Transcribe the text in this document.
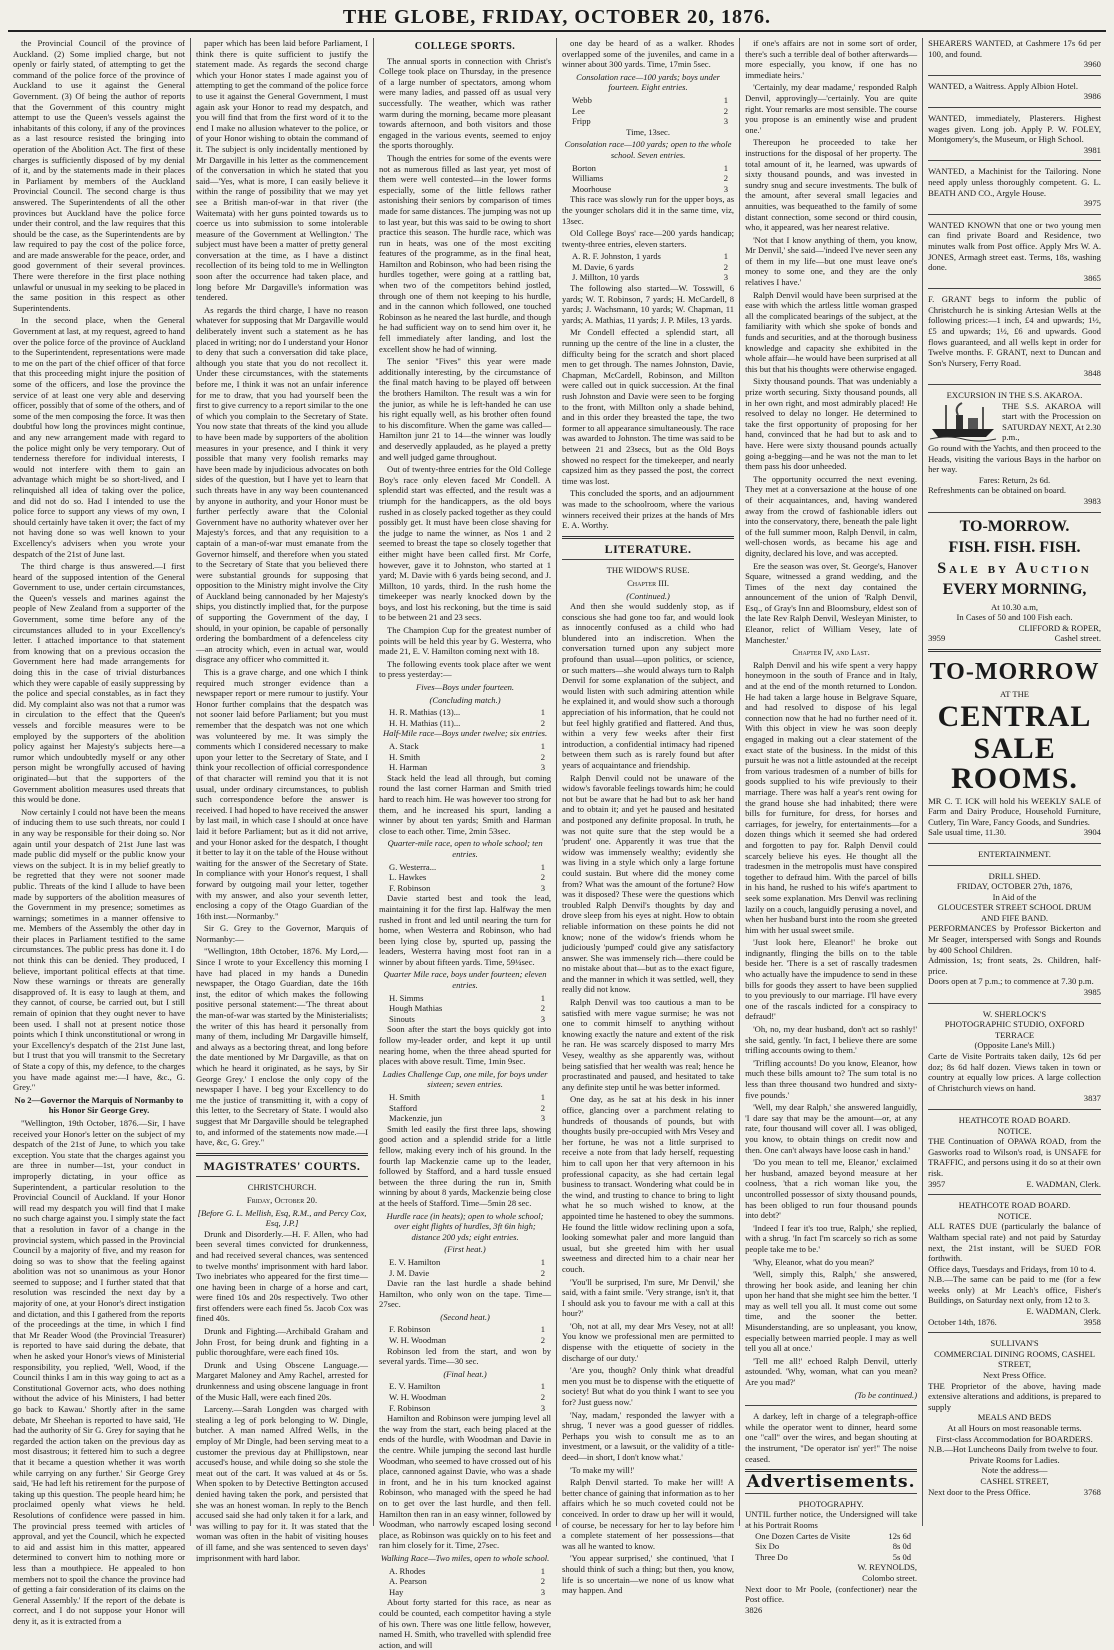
THE GLOBE, FRIDAY, OCTOBER 20, 1876.

the Provincial Council of the province of Auckland. (2) Some implied charge, but not openly or fairly stated, of attempting to get the command of the police force of the province of Auckland to use it against the General Government. (3) Of being the author of reports that the Government of this country might attempt to use the Queen's vessels against the inhabitants of this colony, if any of the provinces as a last resource resisted the bringing into operation of the Abolition Act. The first of these charges is sufficiently disposed of by my denial of it, and by the statements made in their places in Parliament by members of the Auckland Provincial Council. The second charge is thus answered. The Superintendents of all the other provinces but Auckland have the police force under their control, and the law requires that this should be the case, as the Superintendents are by law required to pay the cost of the police force, and are made answerable for the peace, order, and good government of their several provinces. There were therefore in the first place nothing unlawful or unusual in my seeking to be placed in the same position in this respect as other Superintendents.

In the second place, when the General Government at last, at my request, agreed to hand over the police force of the province of Auckland to the Superintendent, representations were made to me on the part of the chief officer of that force that this proceeding might injure the position of some of the officers, and lose the province the service of at least one very able and deserving officer, possibly that of some of the others, and of some of the men composing the force. It was then doubtful how long the provinces might continue, and any new arrangement made with regard to the police might only be very temporary. Out of tenderness therefore for individual interests, I would not interfere with them to gain an advantage which might be so short-lived, and I relinquished all idea of taking over the police, and did not do so. Had I intended to use the police force to support any views of my own, I should certainly have taken it over; the fact of my not having done so was well known to your Excellency's advisers when you wrote your despatch of the 21st of June last.

The third charge is thus answered.—I first heard of the supposed intention of the General Government to use, under certain circumstances, the Queen's vessels and marines against the people of New Zealand from a supporter of the Government, some time before any of the circumstances alluded to in your Excellency's letter. I attached importance to that statement from knowing that on a previous occasion the Government here had made arrangements for doing this in the case of trivial disturbances which they were capable of easily suppressing by the police and special constables, as in fact they did. My complaint also was not that a rumor was in circulation to the effect that the Queen's vessels and forcible measures were to be employed by the supporters of the abolition policy against her Majesty's subjects here—a rumor which undoubtedly myself or any other person might be wrongfully accused of having originated—but that the supporters of the Government abolition measures used threats that this would be done.

Now certainly I could not have been the means of inducing them to use such threats, nor could I in any way be responsible for their doing so. Nor again until your despatch of 21st June last was made public did myself or the public know your views on the subject. It is in my belief greatly to be regretted that they were not sooner made public. Threats of the kind I allude to have been made by supporters of the abolition measures of the Government in my presence; sometimes as warnings; sometimes in a manner offensive to me. Members of the Assembly the other day in their places in Parliament testified to the same circumstances. The public press has done it. I do not think this can be denied. They produced, I believe, important political effects at that time. Now these warnings or threats are generally disapproved of. It is easy to laugh at them, and they cannot, of course, be carried out, but I still remain of opinion that they ought never to have been used. I shall not at present notice those points which I think unconstitutional or wrong in your Excellency's despatch of the 21st June last, but I trust that you will transmit to the Secretary of State a copy of this, my defence, to the charges you have made against me:—I have, &c., G. Grey."

No 2—Governor the Marquis of Normanby to his Honor Sir George Grey.

"Wellington, 19th October, 1876.—Sir, I have received your Honor's letter on the subject of my despatch of the 21st of June, to which you take exception. You state that the charges against you are three in number—1st, your conduct in improperly dictating, in your office as Superintendent, a particular resolution to the Provincial Council of Auckland. If your Honor will read my despatch you will find that I make no such charge against you. I simply state the fact that a resolution in favor of a change in the provincial system, which passed in the Provincial Council by a majority of five, and my reason for doing so was to show that the feeling against abolition was not so unanimous as your Honor seemed to suppose; and I further stated that that resolution was rescinded the next day by a majority of one, at your Honor's direct instigation and dictation, and this I gathered from the reports of the proceedings at the time, in which I find that Mr Reader Wood (the Provincial Treasurer) is reported to have said during the debate, that when he asked your Honor's views of Ministerial responsibility, you replied, 'Well, Wood, if the Council thinks I am in this way going to act as a Constitutional Governor acts, who does nothing without the advice of his Ministers, I had better go back to Kawau.' Shortly after in the same debate, Mr Sheehan is reported to have said, 'He had the authority of Sir G. Grey for saying that he regarded the action taken on the previous day as most disastrous; it fettered him to such a degree that it became a question whether it was worth while carrying on any further.' Sir George Grey said, 'He had left his retirement for the purpose of taking up this question. The people heard him; he proclaimed openly what views he held. Resolutions of confidence were passed in him. The provincial press teemed with articles of approval, and yet the Council, which he expected to aid and assist him in this matter, appeared determined to convert him to nothing more or less than a mouthpiece. He appealed to hon members not to spoil the chance the province had of getting a fair consideration of its claims on the General Assembly.' If the report of the debate is correct, and I do not suppose your Honor will deny it, as it is extracted from a

paper which has been laid before Parliament, I think there is quite sufficient to justify the statement made. As regards the second charge which your Honor states I made against you of attempting to get the command of the police force to use it against the General Government, I must again ask your Honor to read my despatch, and you will find that from the first word of it to the end I make no allusion whatever to the police, or of your Honor wishing to obtain the command of it. The subject is only incidentally mentioned by Mr Dargaville in his letter as the commencement of the conversation in which he stated that you said—'Yes, what is more, I can easily believe it within the range of possibility that we may yet see a British man-of-war in that river (the Waitemata) with her guns pointed towards us to coerce us into submission to some intolerable measure of the Government at Wellington.' The subject must have been a matter of pretty general conversation at the time, as I have a distinct recollection of its being told to me in Wellington soon after the occurrence had taken place, and long before Mr Dargaville's information was tendered.

As regards the third charge, I have no reason whatever for supposing that Mr Dargaville would deliberately invent such a statement as he has placed in writing; nor do I understand your Honor to deny that such a conversation did take place, although you state that you do not recollect it. Under these circumstances, with the statements before me, I think it was not an unfair inference for me to draw, that you had yourself been the first to give currency to a report similar to the one of which you complain to the Secretary of State. You now state that threats of the kind you allude to have been made by supporters of the abolition measures in your presence, and I think it very possible that many very foolish remarks may have been made by injudicious advocates on both sides of the question, but I have yet to learn that such threats have in any way been countenanced by anyone in authority, and your Honor must be further perfectly aware that the Colonial Government have no authority whatever over her Majesty's forces, and that any requisition to a captain of a man-of-war must emanate from the Governor himself, and therefore when you stated to the Secretary of State that you believed there were substantial grounds for supposing that opposition to the Ministry might involve the City of Auckland being cannonaded by her Majesty's ships, you distinctly implied that, for the purpose of supporting the Government of the day, I should, in your opinion, be capable of personally ordering the bombardment of a defenceless city—an atrocity which, even in actual war, would disgrace any officer who committed it.

This is a grave charge, and one which I think required much stronger evidence than a newspaper report or mere rumour to justify. Your Honor further complains that the despatch was not sooner laid before Parliament; but you must remember that the despatch was not one which was volunteered by me. It was simply the comments which I considered necessary to make upon your letter to the Secretary of State, and I think your recollection of official correspondence of that character will remind you that it is not usual, under ordinary circumstances, to publish such correspondence before the answer is received. I had hoped to have received the answer by last mail, in which case I should at once have laid it before Parliament; but as it did not arrive, and your Honor asked for the despatch, I thought it better to lay it on the table of the House without waiting for the answer of the Secretary of State. In compliance with your Honor's request, I shall forward by outgoing mail your letter, together with my answer, and also your seventh letter, enclosing a copy of the Otago Guardian of the 16th inst.—Normanby."

Sir G. Grey to the Governor, Marquis of Normanby:—

"Wellington, 18th October, 1876. My Lord,—Since I wrote to your Excellency this morning I have had placed in my hands a Dunedin newspaper, the Otago Guardian, date the 16th inst, the editor of which makes the following positive personal statement:—'The threat about the man-of-war was started by the Ministerialists; the writer of this has heard it personally from many of them, including Mr Dargaville himself, and always as a bectoring threat, and long before the date mentioned by Mr Dargaville, as that on which he heard it originated, as he says, by Sir George Grey.' I enclose the only copy of the newspaper I have. I beg your Excellency to do me the justice of transmitting it, with a copy of this letter, to the Secretary of State. I would also suggest that Mr Dargaville should be telegraphed to, and informed of the statements now made.—I have, &c, G. Grey."

MAGISTRATES' COURTS.
CHRISTCHURCH.
Friday, October 20.
[Before G. L. Mellish, Esq, R.M., and Percy Cox, Esq, J.P.]

Drunk and Disorderly.—H. F. Allen, who had been several times convicted for drunkenness, and had received several chances, was sentenced to twelve months' imprisonment with hard labor. Two inebriates who appeared for the first time—one having been in charge of a horse and cart, were fined 10s and 20s respectively. Two other first offenders were each fined 5s. Jacob Cox was fined 40s.

Drunk and Fighting.—Archibald Graham and John Frost, for being drunk and fighting in a public thoroughfare, were each fined 10s.

Drunk and Using Obscene Language.—Margaret Maloney and Amy Rachel, arrested for drunkenness and using obscene language in front of the Music Hall, were each fined 20s.

Larceny.—Sarah Longden was charged with stealing a leg of pork belonging to W. Dingle, butcher. A man named Alfred Wells, in the employ of Mr Dingle, had been serving meat to a customer the previous day at Phillipstown, near accused's house, and while doing so she stole the meat out of the cart. It was valued at 4s or 5s. When spoken to by Detective Bettington accused denied having taken the pork, and persisted that she was an honest woman. In reply to the Bench accused said she had only taken it for a lark, and was willing to pay for it. It was stated that the woman was often in the habit of visiting houses of ill fame, and she was sentenced to seven days' imprisonment with hard labor.

COLLEGE SPORTS.

The annual sports in connection with Christ's College took place on Thursday, in the presence of a large number of spectators, among whom were many ladies, and passed off as usual very successfully. The weather, which was rather warm during the morning, became more pleasant towards afternoon, and both visitors and those engaged in the various events, seemed to enjoy the sports thoroughly.

Though the entries for some of the events were not as numerous filled as last year, yet most of them were well contested—in the lower forms especially, some of the little fellows rather astonishing their seniors by comparison of times made for same distances. The jumping was not up to last year, but this was said to be owing to short practice this season. The hurdle race, which was run in heats, was one of the most exciting features of the programme, as in the final heat, Hamilton and Robinson, who had been rising the hurdles together, were going at a rattling bat, when two of the competitors behind jostled, through one of them not keeping to his hurdle, and in the cannon which followed, one touched Robinson as he neared the last hurdle, and though he had sufficient way on to send him over it, he fell immediately after landing, and lost the excellent show he had of winning.

The senior "Fives" this year were made additionally interesting, by the circumstance of the final match having to be played off between the brothers Hamilton. The result was a win for the junior, as while he is left-handed he can use his right equally well, as his brother often found to his discomfiture. When the game was called—Hamilton junr 21 to 14—the winner was loudly and deservedly applauded, as he played a pretty and well judged game throughout.

Out of twenty-three entries for the Old College Boy's race only eleven faced Mr Condell. A splendid start was effected, and the result was a triumph for the handicappers, as the old boys rushed in as closely packed together as they could possibly get. It must have been close shaving for the judge to name the winner, as Nos 1 and 2 seemed to breast the tape so closely together that either might have been called first. Mr Corfe, however, gave it to Johnston, who started at 1 yard; M. Davie with 6 yards being second, and J. Millton, 10 yards, third. In the rush home the timekeeper was nearly knocked down by the boys, and lost his reckoning, but the time is said to be between 21 and 23 secs.

The Champion Cup for the greatest number of points will be held this year by G. Westerra, who made 21, E. V. Hamilton coming next with 18.

The following events took place after we went to press yesterday:—

Fives—Boys under fourteen.

(Concluding match.)

H. R. Mathias (13)...	1
H. H. Mathias (11)...	2

Half-Mile race—Boys under twelve; six entries.

A. Stack	1
H. Smith	2
H. Harman	3

Stack held the lead all through, but coming round the last corner Harman and Smith tried hard to reach him. He was however too strong for them, and he increased his spurt, landing a winner by about ten yards; Smith and Harman close to each other. Time, 2min 53sec.

Quarter-mile race, open to whole school; ten entries.

G. Westerra...	1
L. Hawkes	2
F. Robinson	3

Davie started best and took the lead, maintaining it for the first lap. Halfway the men rushed in front and led until nearing the turn for home, when Westerra and Robinson, who had been lying close by, spurted up, passing the leaders, Westerra having most foot ran in a winner by about fifteen yards. Time, 59¼sec.

Quarter Mile race, boys under fourteen; eleven entries.

H. Simms	1
Hough Mathias	2
Sinouts	3

Soon after the start the boys quickly got into follow my-leader order, and kept it up until nearing home, when the three ahead spurted for places with above result. Time, 1min 9sec.

Ladies Challenge Cup, one mile, for boys under sixteen; seven entries.

H. Smith	1
Stafford	2
Mackenzie, jun	3

Smith led easily the first three laps, showing good action and a splendid stride for a little fellow, making every inch of his ground. In the fourth lap Mackenzie came up to the leader, followed by Stafford, and a hard tussle ensued between the three during the run in, Smith winning by about 8 yards, Mackenzie being close at the heels of Stafford. Time—5min 28 sec.

Hurdle race (in heats); open to whole school; over eight flights of hurdles, 3ft 6in high; distance 200 yds; eight entries.

(First heat.)

E. V. Hamilton	1
J. M. Davie	2

Davie ran the last hurdle a shade behind Hamilton, who only won on the tape. Time—27sec.

(Second heat.)

F. Robinson	1
W. H. Woodman	2

Robinson led from the start, and won by several yards. Time—30 sec.

(Final heat.)

E. V. Hamilton	1
W. H. Woodman	2
F. Robinson	3

Hamilton and Robinson were jumping level all the way from the start, each being placed at the ends of the hurdle, with Woodman and Davie in the centre. While jumping the second last hurdle Woodman, who seemed to have crossed out of his place, cannoned against Davie, who was a shade in front, and he in his turn knocked against Robinson, who managed with the speed he had on to get over the last hurdle, and then fell. Hamilton then ran in an easy winner, followed by Woodman, who narrowly escaped losing second place, as Robinson was quickly on to his feet and ran him closely for it. Time, 27sec.

Walking Race—Two miles, open to whole school.

A. Rhodes	1
A. Pearson	2
Hay	3

About forty started for this race, as near as could be counted, each competitor having a style of his own. There was one little fellow, however, named H. Smith, who travelled with splendid free action, and will

one day be heard of as a walker. Rhodes overlapped some of the juveniles, and came in a winner about 300 yards. Time, 17min 5sec.

Consolation race—100 yards; boys under fourteen. Eight entries.

Webb	1
Lee	2
Fripp	3

Time, 13sec.

Consolation race—100 yards; open to the whole school. Seven entries.

Borton	1
Williams	2
Moorhouse	3

This race was slowly run for the upper boys, as the younger scholars did it in the same time, viz, 13sec.

Old College Boys' race—200 yards handicap; twenty-three entries, eleven starters.

A. R. F. Johnston, 1 yards	1
M. Davie, 6 yards	2
J. Millton, 10 yards	3

The following also started—W. Tosswill, 6 yards; W. T. Robinson, 7 yards; H. McCardell, 8 yards; J. Wachsmann, 10 yards; W. Chapman, 11 yards; A. Mathias, 11 yards; J. P. Miles, 13 yards.

Mr Condell effected a splendid start, all running up the centre of the line in a cluster, the difficulty being for the scratch and short placed men to get through. The names Johnston, Davie, Chapman, McCardell, Robinson, and Millton were called out in quick succession. At the final rush Johnston and Davie were seen to be forging to the front, with Millton only a shade behind, and in this order they breasted the tape, the two former to all appearance simultaneously. The race was awarded to Johnston. The time was said to be between 21 and 23secs, but as the Old Boys showed no respect for the timekeeper, and nearly capsized him as they passed the post, the correct time was lost.

This concluded the sports, and an adjournment was made to the schoolroom, where the various winners received their prizes at the hands of Mrs E. A. Worthy.

LITERATURE.
THE WIDOW'S RUSE.
Chapter III.
(Continued.)

And then she would suddenly stop, as if conscious she had gone too far, and would look as innocently confused as a child who had blundered into an indiscretion. When the conversation turned upon any subject more profound than usual—upon politics, or science, or such matters—she would always turn to Ralph Denvil for some explanation of the subject, and would listen with such admiring attention while he explained it, and would show such a thorough appreciation of his information, that he could not but feel highly gratified and flattered. And thus, within a very few weeks after their first introduction, a confidential intimacy had ripened between them such as is rarely found but after years of acquaintance and friendship.

Ralph Denvil could not be unaware of the widow's favorable feelings towards him; he could not but be aware that he had but to ask her hand and to obtain it; and yet he paused and hesitated and postponed any definite proposal. In truth, he was not quite sure that the step would be a 'prudent' one. Apparently it was true that the widow was immensely wealthy; evidently she was living in a style which only a large fortune could sustain. But where did the money come from? What was the amount of the fortune? How was it disposed? These were the questions which troubled Ralph Denvil's thoughts by day and drove sleep from his eyes at night. How to obtain reliable information on these points he did not know; none of the widow's friends whom he judiciously 'pumped' could give any satisfactory answer. She was immensely rich—there could be no mistake about that—but as to the exact figure, and the manner in which it was settled, well, they really did not know.

Ralph Denvil was too cautious a man to be satisfied with mere vague surmise; he was not one to commit himself to anything without knowing exactly the nature and extent of the risk he ran. He was scarcely disposed to marry Mrs Vesey, wealthy as she apparently was, without being satisfied that her wealth was real; hence he procrastinated and paused, and hesitated to take any definite step until he was better informed.

One day, as he sat at his desk in his inner office, glancing over a parchment relating to hundreds of thousands of pounds, but with thoughts busily pre-occupied with Mrs Vesey and her fortune, he was not a little surprised to receive a note from that lady herself, requesting him to call upon her that very afternoon in his professional capacity, as she had certain legal business to transact. Wondering what could be in the wind, and trusting to chance to bring to light what he so much wished to know, at the appointed time he hastened to obey the summons. He found the little widow reclining upon a sofa, looking somewhat paler and more languid than usual, but she greeted him with her usual sweetness and directed him to a chair near her couch.

'You'll be surprised, I'm sure, Mr Denvil,' she said, with a faint smile. 'Very strange, isn't it, that I should ask you to favour me with a call at this hour?'

'Oh, not at all, my dear Mrs Vesey, not at all! You know we professional men are permitted to dispense with the etiquette of society in the discharge of our duty.'

'Are you, though? Only think what dreadful men you must be to dispense with the etiquette of society! But what do you think I want to see you for? Just guess now.'

'Nay, madam,' responded the lawyer with a shrug, 'I never was a good guesser of riddles. Perhaps you wish to consult me as to an investment, or a lawsuit, or the validity of a title-deed—in short, I don't know what.'

'To make my will!'

Ralph Denvil started. To make her will! A better chance of gaining that information as to her affairs which he so much coveted could not be conceived. In order to draw up her will it would, of course, be necessary for her to lay before him a complete statement of her possessions—that was all he wanted to know.

'You appear surprised,' she continued, 'that I should think of such a thing; but then, you know, life is so uncertain—we none of us know what may happen. And

if one's affairs are not in some sort of order, there's such a terrible deal of bother afterwards—more especially, you know, if one has no immediate heirs.'

'Certainly, my dear madame,' responded Ralph Denvil, approvingly—'certainly. You are quite right. Your remarks are most sensible. The course you propose is an eminently wise and prudent one.'

Thereupon he proceeded to take her instructions for the disposal of her property. The total amount of it, he learned, was upwards of sixty thousand pounds, and was invested in sundry snug and secure investments. The bulk of the amount, after several small legacies and annuities, was bequeathed to the family of some distant connection, some second or third cousin, who, it appeared, was her nearest relative.

'Not that I know anything of them, you know, Mr Denvil,' she said—'indeed I've never seen any of them in my life—but one must leave one's money to some one, and they are the only relatives I have.'

Ralph Denvil would have been surprised at the ease with which the artless little woman grasped all the complicated bearings of the subject, at the familiarity with which she spoke of bonds and funds and securities, and at the thorough business knowledge and capacity she exhibited in the whole affair—he would have been surprised at all this but that his thoughts were otherwise engaged.

Sixty thousand pounds. That was undeniably a prize worth securing. Sixty thousand pounds, all in her own right, and most admirably placed! He resolved to delay no longer. He determined to take the first opportunity of proposing for her hand, convinced that he had but to ask and to have. Here were sixty thousand pounds actually going a-begging—and he was not the man to let them pass his door unheeded.

The opportunity occurred the next evening. They met at a conversazione at the house of one of their acquaintances, and, having wandered away from the crowd of fashionable idlers out into the conservatory, there, beneath the pale light of the full summer moon, Ralph Denvil, in calm, well-chosen words, as became his age and dignity, declared his love, and was accepted.

Ere the season was over, St. George's, Hanover Square, witnessed a grand wedding, and the Times of the next day contained the announcement of the union of 'Ralph Denvil, Esq., of Gray's Inn and Bloomsbury, eldest son of the late Rev Ralph Denvil, Wesleyan Minister, to Eleanor, relict of William Vesey, late of Manchester.'

Chapter IV, and Last.

Ralph Denvil and his wife spent a very happy honeymoon in the south of France and in Italy, and at the end of the month returned to London. He had taken a large house in Belgrave Square, and had resolved to dispose of his legal connection now that he had no further need of it. With this object in view he was soon deeply engaged in making out a clear statement of the exact state of the business. In the midst of this pursuit he was not a little astounded at the receipt from various tradesmen of a number of bills for goods supplied to his wife previously to their marriage. There was half a year's rent owing for the grand house she had inhabited; there were bills for furniture, for dress, for horses and carriages, for jewelry, for entertainments—for a dozen things which it seemed she had ordered and forgotten to pay for. Ralph Denvil could scarcely believe his eyes. He thought all the tradesmen in the metropolis must have conspired together to defraud him. With the parcel of bills in his hand, he rushed to his wife's apartment to seek some explanation. Mrs Denvil was reclining lazily on a couch, languidly perusing a novel, and when her husband burst into the room she greeted him with her usual sweet smile.

'Just look here, Eleanor!' he broke out indignantly, flinging the bills on to the table beside her. 'There is a set of rascally tradesmen who actually have the impudence to send in these bills for goods they assert to have been supplied to you previously to our marriage. I'll have every one of the rascals indicted for a conspiracy to defraud!'

'Oh, no, my dear husband, don't act so rashly!' she said, gently. 'In fact, I believe there are some trifling accounts owing to them.'

'Trifling accounts! Do you know, Eleanor, how much these bills amount to? The sum total is no less than three thousand two hundred and sixty-five pounds.'

'Well, my dear Ralph,' she answered languidly, 'I dare say that may be the amount—or, at any rate, four thousand will cover all. I was obliged, you know, to obtain things on credit now and then. One can't always have loose cash in hand.'

'Do you mean to tell me, Eleanor,' exclaimed her husband, amazed beyond measure at her coolness, 'that a rich woman like you, the uncontrolled possessor of sixty thousand pounds, has been obliged to run four thousand pounds into debt?'

'Indeed I fear it's too true, Ralph,' she replied, with a shrug. 'In fact I'm scarcely so rich as some people take me to be.'

'Why, Eleanor, what do you mean?'

'Well, simply this, Ralph,' she answered, throwing her book aside, and leaning her chin upon her hand that she might see him the better. 'I may as well tell you all. It must come out some time, and the sooner the better. Misunderstanding, are so unpleasant, you know, especially between married people. I may as well tell you all at once.'

'Tell me all!' echoed Ralph Denvil, utterly astounded. 'Why, woman, what can you mean? Are you mad?'

(To be continued.)

A darkey, left in charge of a telegraph-office while the operator went to dinner, heard some one "call" over the wires, and began shouting at the instrument, "De operator isn' yer!" The noise ceased.

Advertisements.
PHOTOGRAPHY.

UNTIL further notice, the Undersigned will take at his Portrait Rooms

One Dozen Cartes de Visite	12s 6d
Six Do	8s 0d
Three Do	5s 0d
W. REYNOLDS,
Colombo street.

Next door to Mr Poole, (confectioner) near the Post office.

3826

SHEARERS WANTED, at Cashmere 17s 6d per 100, and found.

3960

WANTED, a Waitress. Apply Albion Hotel.

3986

WANTED, immediately, Plasterers. Highest wages given. Long job. Apply P. W. FOLEY, Montgomery's, the Museum, or High School.

3981

WANTED, a Machinist for the Tailoring. None need apply unless thoroughly competent. G. L. BEATH AND CO., Argyle House.

3975

WANTED KNOWN that one or two young men can find private Board and Residence, two minutes walk from Post office. Apply Mrs W. A. JONES, Armagh street east. Terms, 18s, washing done.

3865

F. GRANT begs to inform the public of Christchurch he is sinking Artesian Wells at the following prices:—1 inch, £4 and upwards; 1½, £5 and upwards; 1½, £6 and upwards. Good flows guaranteed, and all wells kept in order for Twelve months. F. GRANT, next to Duncan and Son's Nursery, Ferry Road.

3848
EXCURSION IN THE S.S. AKAROA.

THE S.S. AKAROA will start with the Procession on SATURDAY NEXT, At 2.30 p.m.,

Go round with the Yachts, and then proceed to the Heads, visiting the various Bays in the harbor on her way.

Fares: Return, 2s 6d.

Refreshments can be obtained on board.

3983
TO-MORROW.
FISH. FISH. FISH.
Sale by Auction
EVERY MORNING,
At 10.30 a.m,
In Cases of 50 and 100 Fish each.
CLIFFORD & ROPER,
3959	Cashel street.
TO-MORROW
AT THE
CENTRAL
SALE ROOMS.

MR C. T. ICK will hold his WEEKLY SALE of Farm and Dairy Produce, Household Furniture, Cutlery, Tin Ware, Fancy Goods, and Sundries.

Sale usual time, 11.30.	3904
ENTERTAINMENT.
DRILL SHED.
FRIDAY, OCTOBER 27th, 1876,
In Aid of the
GLOUCESTER STREET SCHOOL DRUM AND FIFE BAND.

PERFORMANCES by Professor Bickerton and Mr Seager, interspersed with Songs and Rounds by 400 School Children.

Admission, 1s; front seats, 2s. Children, half-price.

Doors open at 7 p.m.; to commence at 7.30 p.m.

3985
W. SHERLOCK'S
PHOTOGRAPHIC STUDIO, OXFORD TERRACE
(Opposite Lane's Mill.)

Carte de Visite Portraits taken daily, 12s 6d per doz; 8s 6d half dozen. Views taken in town or country at equally low prices. A large collection of Christchurch views on hand.

3837
HEATHCOTE ROAD BOARD.
NOTICE.

THE Continuation of OPAWA ROAD, from the Gasworks road to Wilson's road, is UNSAFE for TRAFFIC, and persons using it do so at their own risk.

3957	E. WADMAN, Clerk.
HEATHCOTE ROAD BOARD.
NOTICE.

ALL RATES DUE (particularly the balance of Waltham special rate) and not paid by Saturday next, the 21st instant, will be SUED FOR forthwith.

Office days, Tuesdays and Fridays, from 10 to 4.

N.B.—The same can be paid to me (for a few weeks only) at Mr Leach's office, Fisher's Buildings, on Saturday next only, from 12 to 3.

E. WADMAN, Clerk.
October 14th, 1876.	3958
SULLIVAN'S
COMMERCIAL DINING ROOMS, CASHEL STREET,
Next Press Office.

THE Proprietor of the above, having made extensive alterations and additions, is prepared to supply

MEALS AND BEDS
At all Hours on most reasonable terms.
First-class Accommodation for BOARDERS.

N.B.—Hot Luncheons Daily from twelve to four.

Private Rooms for Ladies.
Note the address—
CASHEL STREET,
Next door to the Press Office.	3768
